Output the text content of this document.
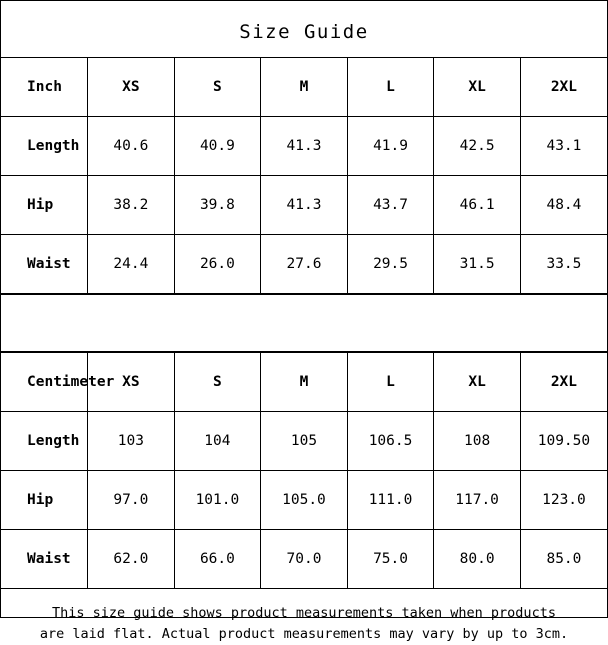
Size Guide
Inch	XS	S	M	L	XL	2XL
Length	40.6	40.9	41.3	41.9	42.5	43.1
Hip	38.2	39.8	41.3	43.7	46.1	48.4
Waist	24.4	26.0	27.6	29.5	31.5	33.5
Centimeter	XS	S	M	L	XL	2XL
Length	103	104	105	106.5	108	109.50
Hip	97.0	101.0	105.0	111.0	117.0	123.0
Waist	62.0	66.0	70.0	75.0	80.0	85.0
This size guide shows product measurements taken when products
are laid flat. Actual product measurements may vary by up to 3cm.
